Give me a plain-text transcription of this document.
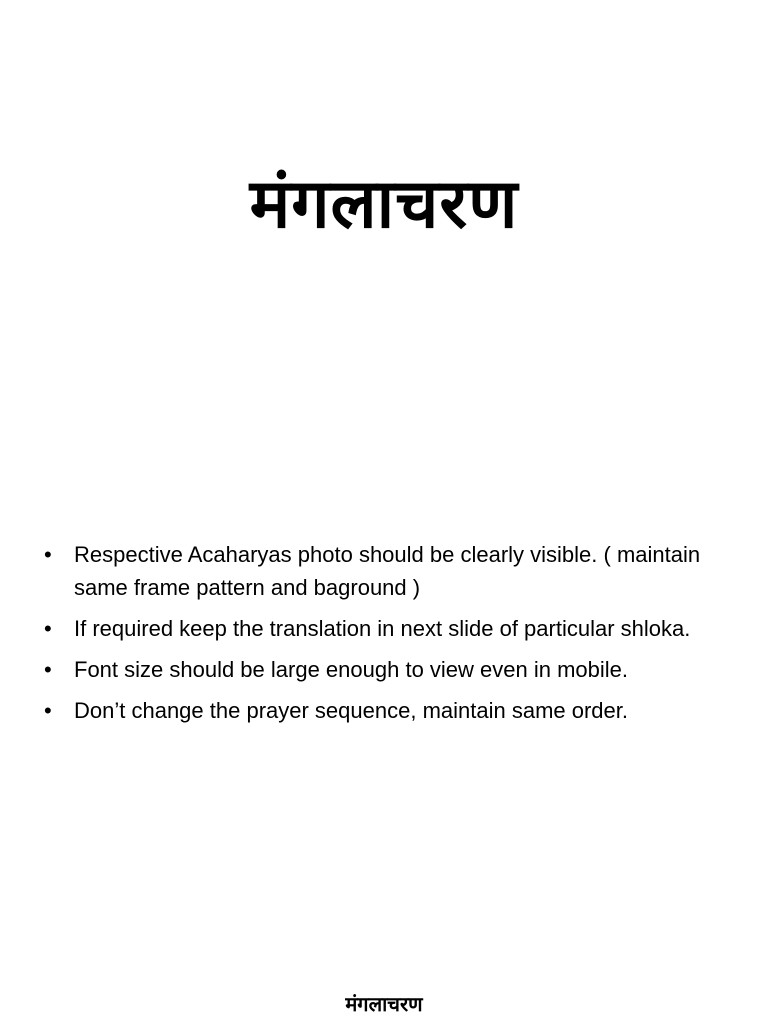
मंगलाचरण
•	Respective Acaharyas photo should be clearly visible. ( maintain same frame pattern and baground )
•	If required keep the translation in next slide of particular shloka.
•	Font size should be large enough to view even in mobile.
•	Don’t change the prayer sequence, maintain same order.
मंगलाचरण
